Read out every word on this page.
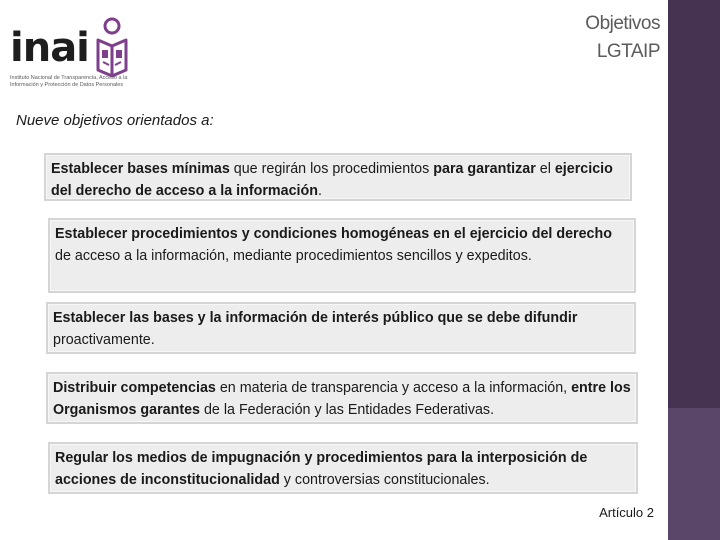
inai
Instituto Nacional de Transparencia, Acceso a la Información y Protección de Datos Personales
Objetivos
LGTAIP
Nueve objetivos orientados a:
Establecer bases mínimas que regirán los procedimientos para garantizar el ejercicio del derecho de acceso a la información.
Establecer procedimientos y condiciones homogéneas en el ejercicio del derecho de acceso a la información, mediante procedimientos sencillos y expeditos.
Establecer las bases y la información de interés público que se debe difundir proactivamente.
Distribuir competencias en materia de transparencia y acceso a la información, entre los Organismos garantes de la Federación y las Entidades Federativas.
Regular los medios de impugnación y procedimientos para la interposición de acciones de inconstitucionalidad y controversias constitucionales.
Artículo 2
